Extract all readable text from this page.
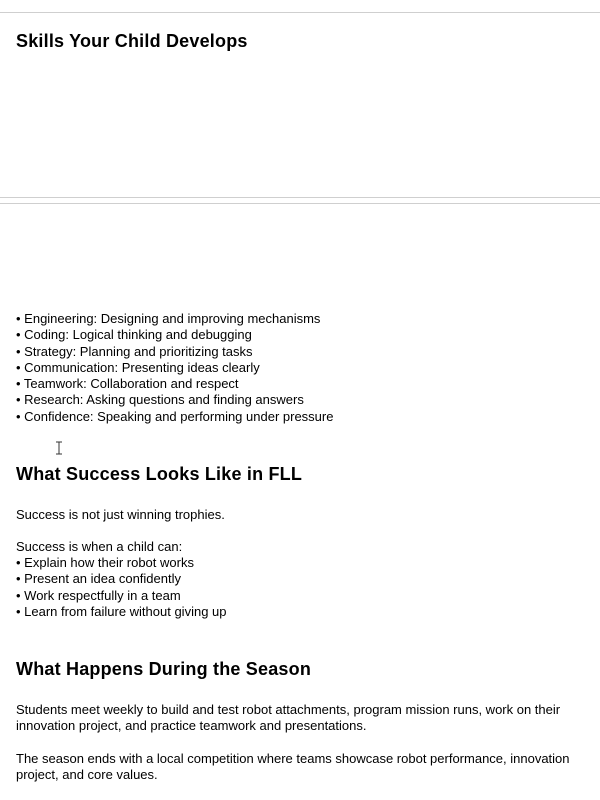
Skills Your Child Develops
• Engineering: Designing and improving mechanisms
• Coding: Logical thinking and debugging
• Strategy: Planning and prioritizing tasks
• Communication: Presenting ideas clearly
• Teamwork: Collaboration and respect
• Research: Asking questions and finding answers
• Confidence: Speaking and performing under pressure
What Success Looks Like in FLL

Success is not just winning trophies.

Success is when a child can:

• Explain how their robot works
• Present an idea confidently
• Work respectfully in a team
• Learn from failure without giving up
What Happens During the Season

Students meet weekly to build and test robot attachments, program mission runs, work on their innovation project, and practice teamwork and presentations.

The season ends with a local competition where teams showcase robot performance, innovation project, and core values.
